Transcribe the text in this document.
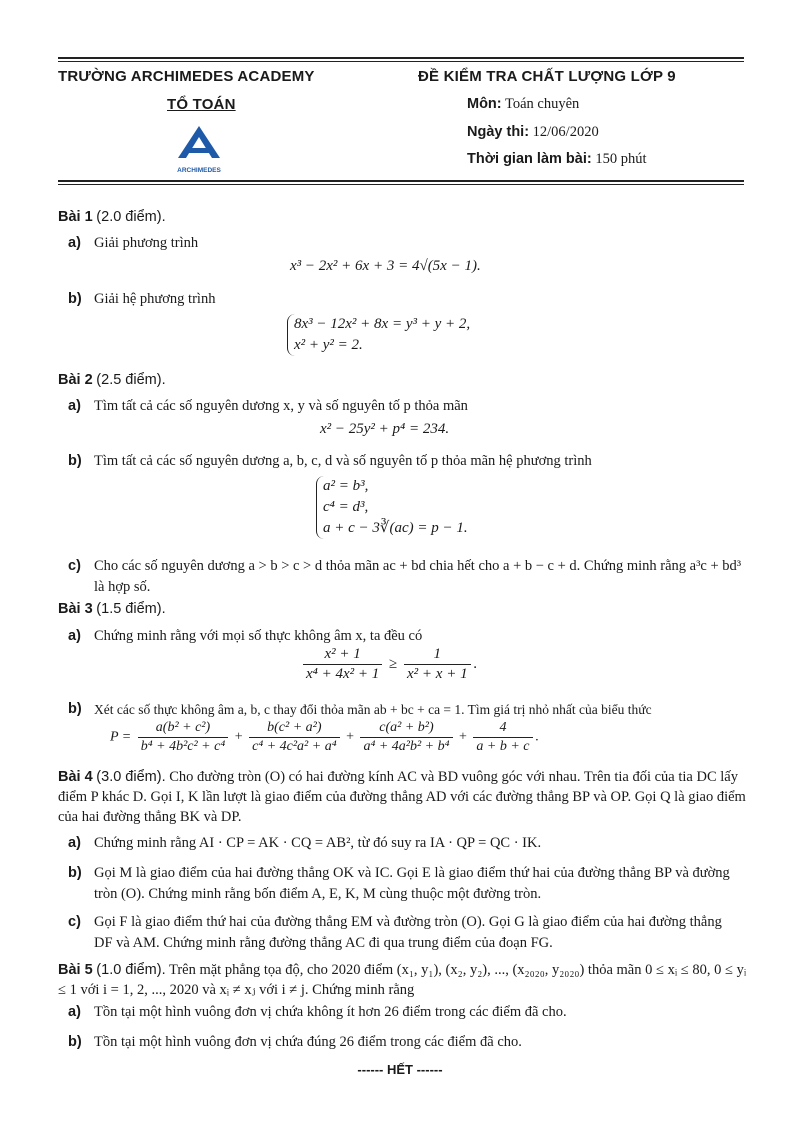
TRƯỜNG ARCHIMEDES ACADEMY
TỔ TOÁN
ARCHIMEDES
ĐỀ KIỂM TRA CHẤT LƯỢNG LỚP 9
Môn: Toán chuyên
Ngày thi: 12/06/2020
Thời gian làm bài: 150 phút
Bài 1 (2.0 điểm).
a) Giải phương trình
x³ − 2x² + 6x + 3 = 4√(5x − 1).
b) Giải hệ phương trình
8x³ − 12x² + 8x = y³ + y + 2,
x² + y² = 2.
Bài 2 (2.5 điểm).
a) Tìm tất cả các số nguyên dương x, y và số nguyên tố p thỏa mãn
x² − 25y² + p⁴ = 234.
b) Tìm tất cả các số nguyên dương a, b, c, d và số nguyên tố p thỏa mãn hệ phương trình
a² = b³,
c⁴ = d³,
a + c − 3∛(ac) = p − 1.
c) Cho các số nguyên dương a > b > c > d thỏa mãn ac + bd chia hết cho a + b − c + d. Chứng minh rằng a³c + bd³ là hợp số.
Bài 3 (1.5 điểm).
a) Chứng minh rằng với mọi số thực không âm x, ta đều có
$\frac{\text{x² + 1}}{\text{x⁴ + 4x² + 1}} \ge \frac{1}{\text{x² + x + 1}}$ .
b) Xét các số thực không âm a, b, c thay đổi thỏa mãn ab + bc + ca = 1. Tìm giá trị nhỏ nhất của biểu thức
$P = \frac{\text{a(b² + c²)}}{\text{b⁴ + 4b²c² + c⁴}} + \frac{\text{b(c² + a²)}}{\text{c⁴ + 4c²a² + a⁴}} + \frac{\text{c(a² + b²)}}{\text{a⁴ + 4a²b² + b⁴}} + \frac{4}{a + b + c}$ .
Bài 4 (3.0 điểm). Cho đường tròn (O) có hai đường kính AC và BD vuông góc với nhau. Trên tia đối của tia DC lấy điểm P khác D. Gọi I, K lần lượt là giao điểm của đường thẳng AD với các đường thẳng BP và OP. Gọi Q là giao điểm của hai đường thẳng BK và DP.
a) Chứng minh rằng AI · CP = AK · CQ = AB², từ đó suy ra IA · QP = QC · IK.
b) Gọi M là giao điểm của hai đường thẳng OK và IC. Gọi E là giao điểm thứ hai của đường thẳng BP và đường tròn (O). Chứng minh rằng bốn điểm A, E, K, M cùng thuộc một đường tròn.
c) Gọi F là giao điểm thứ hai của đường thẳng EM và đường tròn (O). Gọi G là giao điểm của hai đường thẳng DF và AM. Chứng minh rằng đường thẳng AC đi qua trung điểm của đoạn FG.
Bài 5 (1.0 điểm). Trên mặt phẳng tọa độ, cho 2020 điểm (x₁, y₁), (x₂, y₂), ..., (x₂₀₂₀, y₂₀₂₀) thỏa mãn 0 ≤ xᵢ ≤ 80, 0 ≤ yᵢ ≤ 1 với i = 1, 2, ..., 2020 và xᵢ ≠ xⱼ với i ≠ j. Chứng minh rằng
a) Tồn tại một hình vuông đơn vị chứa không ít hơn 26 điểm trong các điểm đã cho.
b) Tồn tại một hình vuông đơn vị chứa đúng 26 điểm trong các điểm đã cho.
------ HẾT ------
